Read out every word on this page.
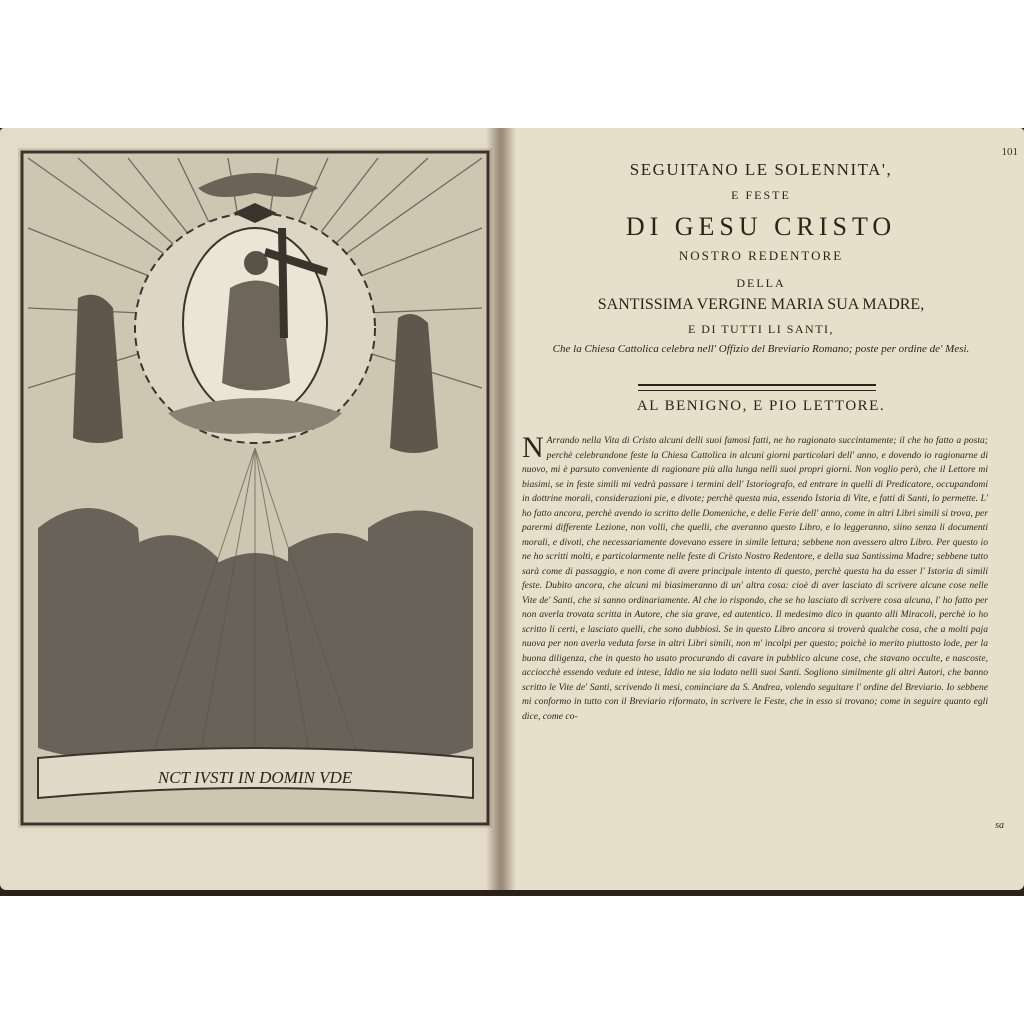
NCT IVSTI IN DOMIN VDE
101
SEGUITANO LE SOLENNITA',
E FESTE
DI GESU CRISTO
NOSTRO REDENTORE
DELLA
SANTISSIMA VERGINE MARIA SUA MADRE,
E DI TUTTI LI SANTI,
Che la Chiesa Cattolica celebra nell' Offizio del Breviario Romano; poste per ordine de' Mesi.
AL BENIGNO, E PIO LETTORE.
N Arrando nella Vita di Cristo alcuni delli suoi famosi fatti, ne ho ragionato succintamente; il che ho fatto a posta; perchè celebrandone feste la Chiesa Cattolica in alcuni giorni particolari dell' anno, e dovendo io ragionarne di nuovo, mi è parsuto conveniente di ragionare più alla lunga nelli suoi propri giorni. Non voglio però, che il Lettore mi biasimi, se in feste simili mi vedrà passare i termini dell' Istoriografo, ed entrare in quelli di Predicatore, occupandomi in dottrine morali, considerazioni pie, e divote; perchè questa mia, essendo Istoria di Vite, e fatti di Santi, lo permette. L' ho fatto ancora, perchè avendo io scritto delle Domeniche, e delle Ferie dell' anno, come in altri Libri simili si trova, per parermi differente Lezione, non volli, che quelli, che averanno questo Libro, e lo leggeranno, siino senza li documenti morali, e divoti, che necessariamente dovevano essere in simile lettura; sebbene non avessero altro Libro. Per questo io ne ho scritti molti, e particolarmente nelle feste di Cristo Nostro Redentore, e della sua Santissima Madre; sebbene tutto sarà come di passaggio, e non come di avere principale intento di questo, perchè questa ha da esser l' Istoria di simili feste. Dubito ancora, che alcuni mi biasimeranno di un' altra cosa: cioè di aver lasciato di scrivere alcune cose nelle Vite de' Santi, che si sanno ordinariamente. Al che io rispondo, che se ho lasciato di scrivere cosa alcuna, l' ho fatto per non averla trovata scritta in Autore, che sia grave, ed autentico. Il medesimo dico in quanto alli Miracoli, perchè io ho scritto li certi, e lasciato quelli, che sono dubbiosi. Se in questo Libro ancora si troverà qualche cosa, che a molti paja nuova per non averla veduta forse in altri Libri simili, non m' incolpi per questo; poichè io merito piuttosto lode, per la buona diligenza, che in questo ho usato procurando di cavare in pubblico alcune cose, che stavano occulte, e nascoste, acciocchè essendo vedute ed intese, Iddio ne sia lodato nelli suoi Santi. Sogliono similmente gli altri Autori, che banno scritto le Vite de' Santi, scrivendo li mesi, cominciare da S. Andrea, volendo seguitare l' ordine del Breviario. Io sebbene mi conformo in tutto con il Breviario riformato, in scrivere le Feste, che in esso si trovano; come in seguire quanto egli dice, come co-
sa
